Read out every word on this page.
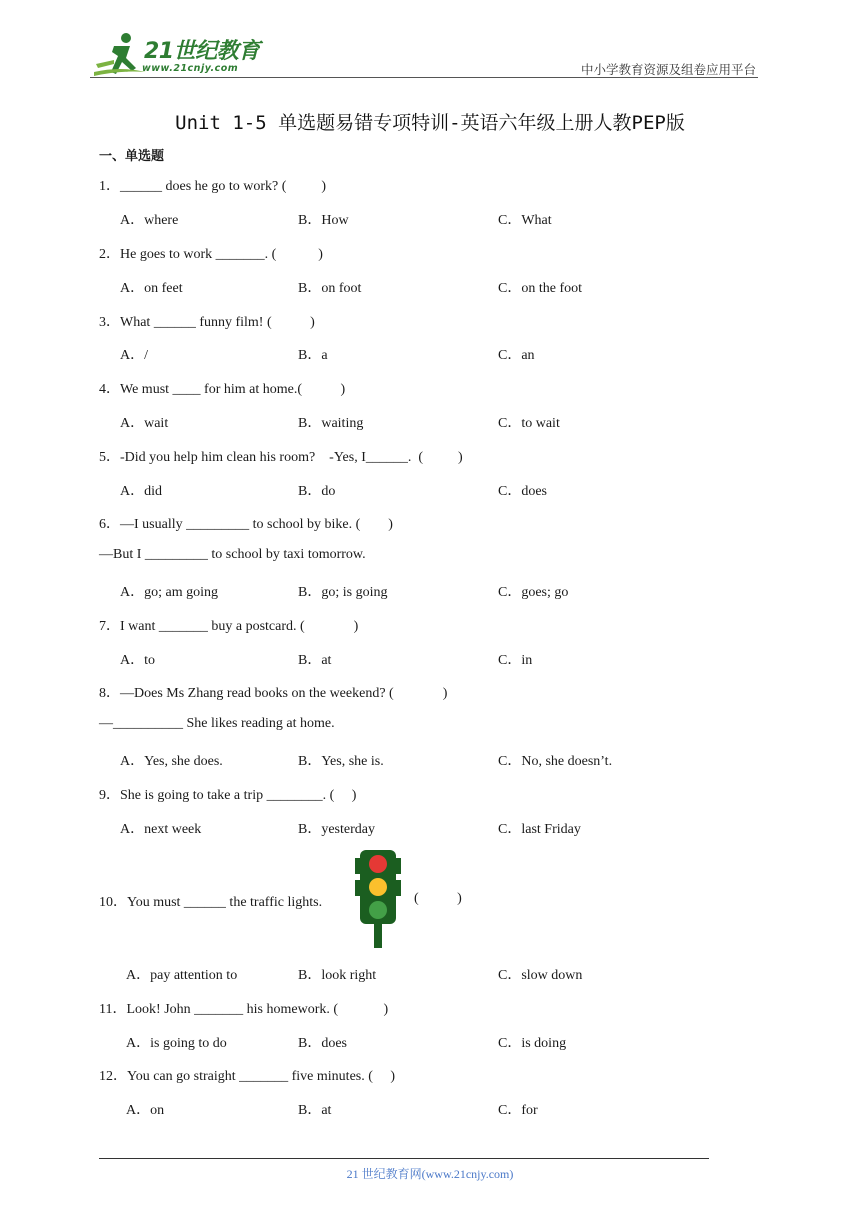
21世纪教育
www.21cnjy.com	中小学教育资源及组卷应用平台
Unit 1-5 单选题易错专项特训-英语六年级上册人教PEP版
一、单选题
1．______ does he go to work? (          )
A．where	B．How	C．What
2．He goes to work _______. (            )
A．on feet	B．on foot	C．on the foot
3．What ______ funny film! (           )
A．/	B．a	C．an
4．We must ____ for him at home.(           )
A．wait	B．waiting	C．to wait
5．-Did you help him clean his room?    -Yes, I______.  (          )
A．did	B．do	C．does
6．—I usually _________ to school by bike. (        )
—But I _________ to school by taxi tomorrow.
A．go; am going	B．go; is going	C．goes; go
7．I want _______ buy a postcard. (              )
A．to	B．at	C．in
8．—Does Ms Zhang read books on the weekend? (              )
—__________ She likes reading at home.
A．Yes, she does.	B．Yes, she is.	C．No, she doesn’t.
9．She is going to take a trip ________. (     )
A．next week	B．yesterday	C．last Friday
10．You must ______ the traffic lights.	(           )
A．pay attention to	B．look right	C．slow down
11．Look! John _______ his homework. (             )
A．is going to do	B．does	C．is doing
12．You can go straight _______ five minutes. (     )
A．on	B．at	C．for
21 世纪教育网(www.21cnjy.com)
